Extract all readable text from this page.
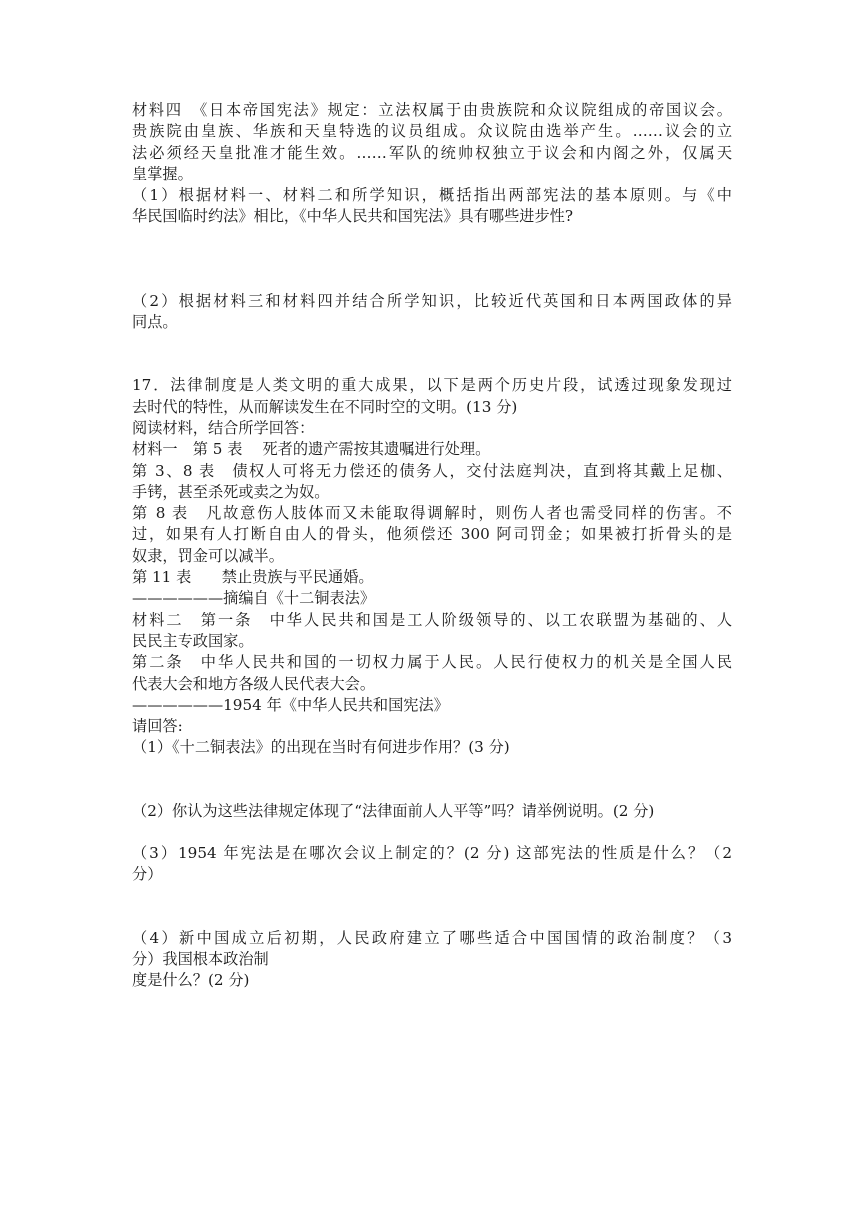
材料四　《日本帝国宪法》规定：立法权属于由贵族院和众议院组成的帝国议会。
贵族院由皇族、华族和天皇特选的议员组成。众议院由选举产生。……议会的立
法必须经天皇批准才能生效。……军队的统帅权独立于议会和内阁之外，仅属天
皇掌握。
（1）根据材料一、材料二和所学知识，概括指出两部宪法的基本原则。与《中
华民国临时约法》相比，《中华人民共和国宪法》具有哪些进步性?
（2）根据材料三和材料四并结合所学知识，比较近代英国和日本两国政体的异
同点。
17．法律制度是人类文明的重大成果，以下是两个历史片段，试透过现象发现过
去时代的特性，从而解读发生在不同时空的文明。(13 分)
阅读材料，结合所学回答：
材料一　第 5 表　 死者的遗产需按其遗嘱进行处理。
第 3、8 表　债权人可将无力偿还的债务人，交付法庭判决，直到将其戴上足枷、
手铐，甚至杀死或卖之为奴。
第 8 表　凡故意伤人肢体而又未能取得调解时，则伤人者也需受同样的伤害。不
过，如果有人打断自由人的骨头，他须偿还 300 阿司罚金；如果被打折骨头的是
奴隶，罚金可以减半。
第 11 表　　禁止贵族与平民通婚。
——————摘编自《十二铜表法》
材料二　第一条　中华人民共和国是工人阶级领导的、以工农联盟为基础的、人
民民主专政国家。
第二条　中华人民共和国的一切权力属于人民。人民行使权力的机关是全国人民
代表大会和地方各级人民代表大会。
——————1954 年《中华人民共和国宪法》
请回答:
（1）《十二铜表法》的出现在当时有何进步作用？(3 分)
（2）你认为这些法律规定体现了“法律面前人人平等”吗？请举例说明。(2 分)
（3）1954 年宪法是在哪次会议上制定的？(2 分) 这部宪法的性质是什么？（2
分）
（4）新中国成立后初期，人民政府建立了哪些适合中国国情的政治制度？（3
分）我国根本政治制
度是什么？(2 分)
